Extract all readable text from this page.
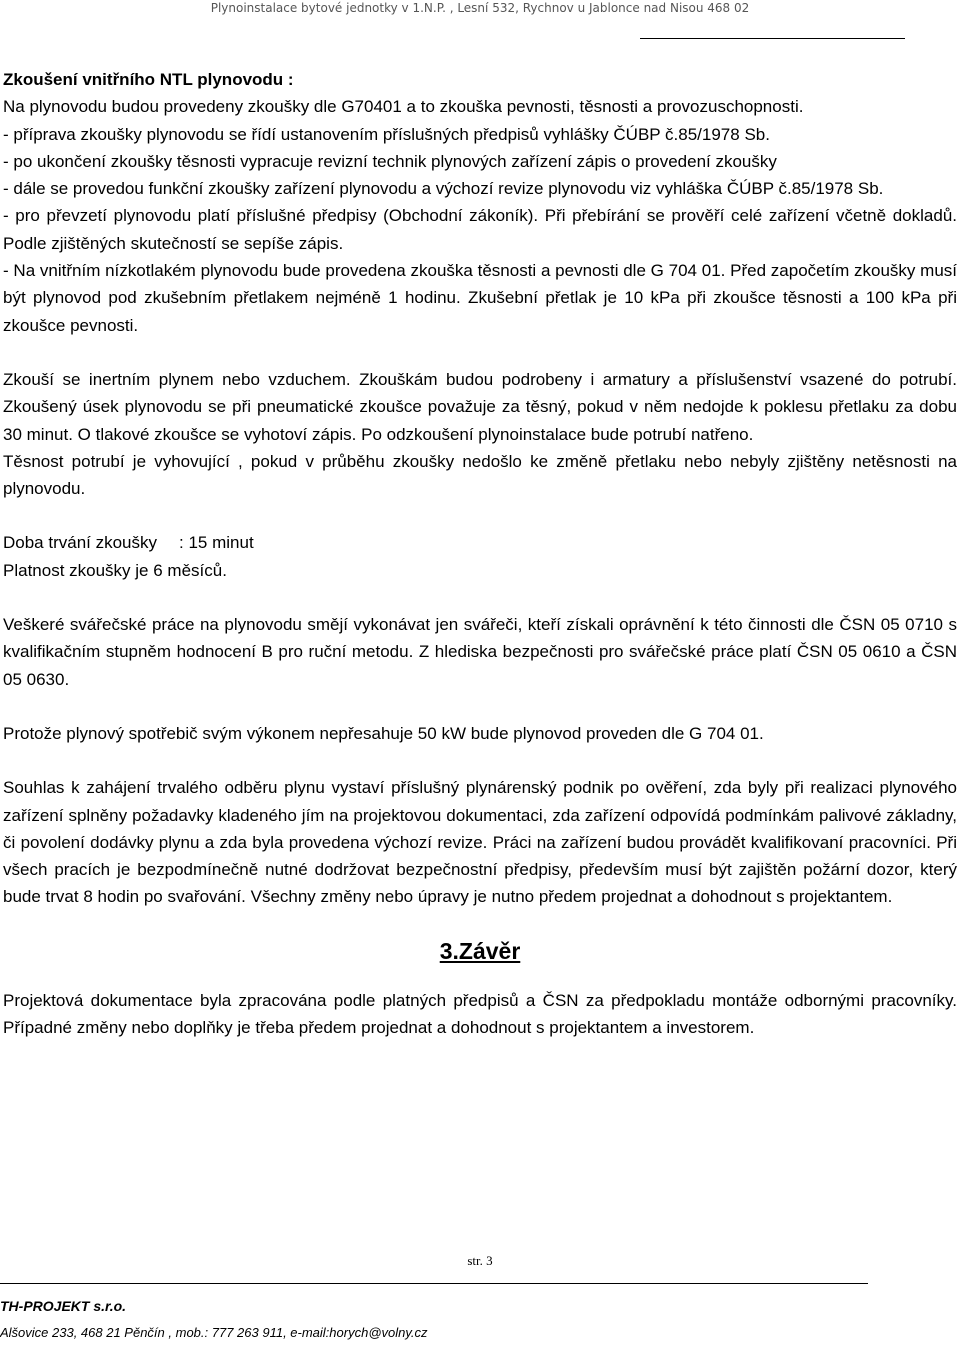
Plynoinstalace bytové jednotky v 1.N.P. , Lesní 532, Rychnov u Jablonce nad Nisou 468 02

Zkoušení vnitřního NTL plynovodu :

Na plynovodu budou provedeny zkoušky dle G70401 a to zkouška pevnosti, těsnosti a provozuschopnosti.

- příprava zkoušky plynovodu se řídí ustanovením příslušných předpisů vyhlášky ČÚBP č.85/1978 Sb.

- po ukončení zkoušky těsnosti vypracuje revizní technik plynových zařízení zápis o provedení zkoušky

- dále se provedou funkční zkoušky zařízení plynovodu a výchozí revize plynovodu viz vyhláška ČÚBP č.85/1978 Sb.

- pro převzetí plynovodu platí příslušné předpisy (Obchodní zákoník). Při přebírání se prověří celé zařízení včetně dokladů. Podle zjištěných skutečností se sepíše zápis.

- Na vnitřním nízkotlakém plynovodu bude provedena zkouška těsnosti a pevnosti dle G 704 01. Před započetím zkoušky musí být plynovod pod zkušebním přetlakem nejméně 1 hodinu. Zkušební přetlak je 10 kPa při zkoušce těsnosti a 100 kPa při zkoušce pevnosti.

Zkouší se inertním plynem nebo vzduchem. Zkouškám budou podrobeny i armatury a příslušenství vsazené do potrubí. Zkoušený úsek plynovodu se při pneumatické zkoušce považuje za těsný, pokud v něm nedojde k poklesu přetlaku za dobu 30 minut. O tlakové zkoušce se vyhotoví zápis. Po odzkoušení plynoinstalace bude potrubí natřeno.

Těsnost potrubí je vyhovující , pokud v průběhu zkoušky nedošlo ke změně přetlaku nebo nebyly zjištěny netěsnosti na plynovodu.

Doba trvání zkoušky : 15 minut

Platnost zkoušky je 6 měsíců.

Veškeré svářečské práce na plynovodu smějí vykonávat jen svářeči, kteří získali oprávnění k této činnosti dle ČSN 05 0710 s kvalifikačním stupněm hodnocení B pro ruční metodu. Z hlediska bezpečnosti pro svářečské práce platí ČSN 05 0610 a ČSN 05 0630.

Protože plynový spotřebič svým výkonem nepřesahuje 50 kW bude plynovod proveden dle G 704 01.

Souhlas k zahájení trvalého odběru plynu vystaví příslušný plynárenský podnik po ověření, zda byly při realizaci plynového zařízení splněny požadavky kladeného jím na projektovou dokumentaci, zda zařízení odpovídá podmínkám palivové základny, či povolení dodávky plynu a zda byla provedena výchozí revize. Práci na zařízení budou provádět kvalifikovaní pracovníci. Při všech pracích je bezpodmínečně nutné dodržovat bezpečnostní předpisy, především musí být zajištěn požární dozor, který bude trvat 8 hodin po svařování. Všechny změny nebo úpravy je nutno předem projednat a dohodnout s projektantem.

3.Závěr

Projektová dokumentace byla zpracována podle platných předpisů a ČSN za předpokladu montáže odbornými pracovníky. Případné změny nebo doplňky je třeba předem projednat a dohodnout s projektantem a investorem.

str. 3
TH-PROJEKT s.r.o.
Alšovice 233, 468 21 Pěnčín , mob.: 777 263 911, e-mail:horych@volny.cz
